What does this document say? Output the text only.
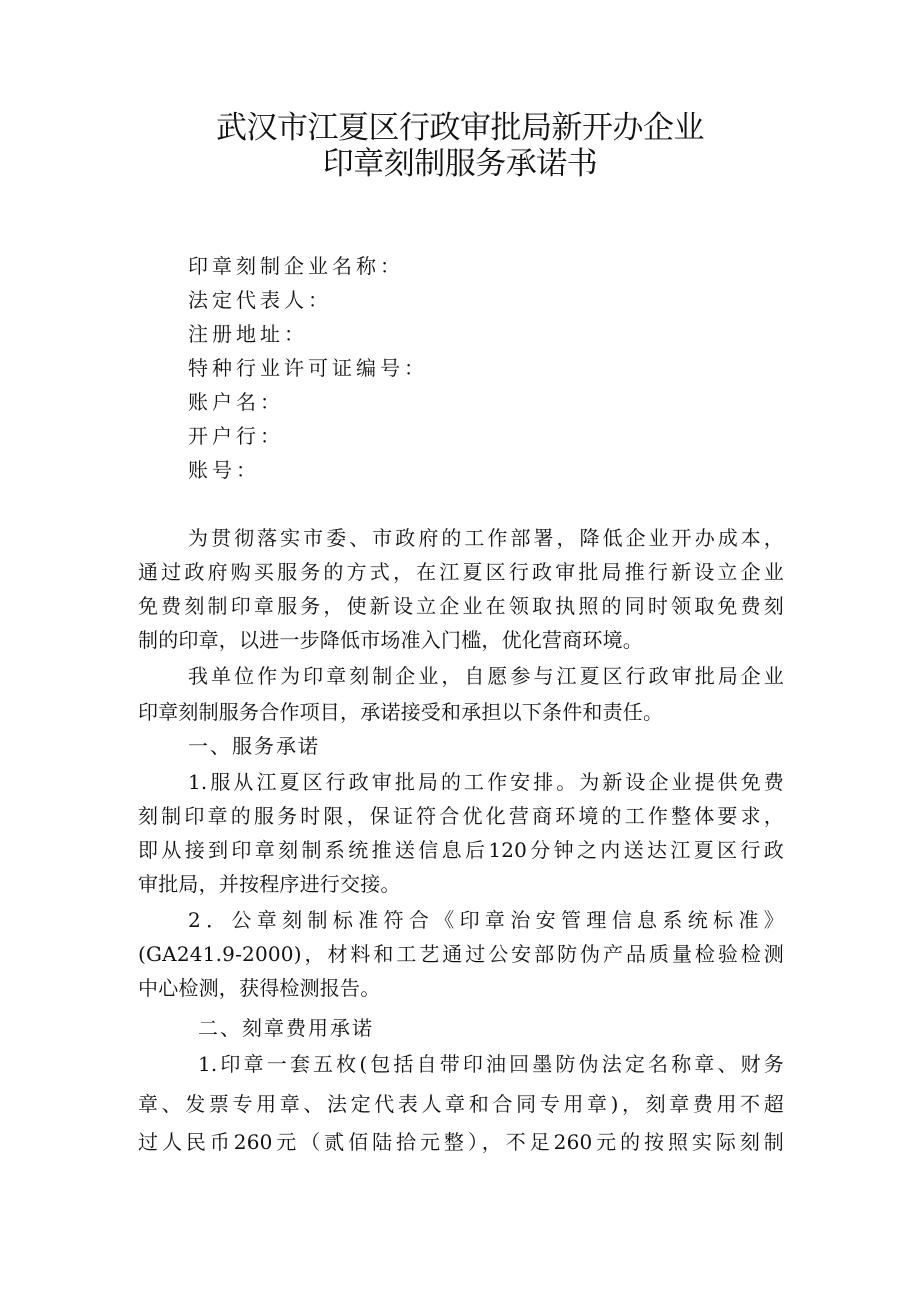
武汉市江夏区行政审批局新开办企业
印章刻制服务承诺书
印章刻制企业名称：
法定代表人：
注册地址：
特种行业许可证编号：
账户名：
开户行：
账号：
为贯彻落实市委、市政府的工作部署，降低企业开办成本，
通过政府购买服务的方式，在江夏区行政审批局推行新设立企业
免费刻制印章服务，使新设立企业在领取执照的同时领取免费刻
制的印章，以进一步降低市场准入门槛，优化营商环境。
我单位作为印章刻制企业，自愿参与江夏区行政审批局企业
印章刻制服务合作项目，承诺接受和承担以下条件和责任。
一、服务承诺
1.服从江夏区行政审批局的工作安排。为新设企业提供免费
刻制印章的服务时限，保证符合优化营商环境的工作整体要求，
即从接到印章刻制系统推送信息后120分钟之内送达江夏区行政
审批局，并按程序进行交接。
2．公章刻制标准符合《印章治安管理信息系统标准》
(GA241.9-2000)，材料和工艺通过公安部防伪产品质量检验检测
中心检测，获得检测报告。
二、刻章费用承诺
1.印章一套五枚(包括自带印油回墨防伪法定名称章、财务
章、发票专用章、法定代表人章和合同专用章)，刻章费用不超
过人民币260元（贰佰陆拾元整），不足260元的按照实际刻制
